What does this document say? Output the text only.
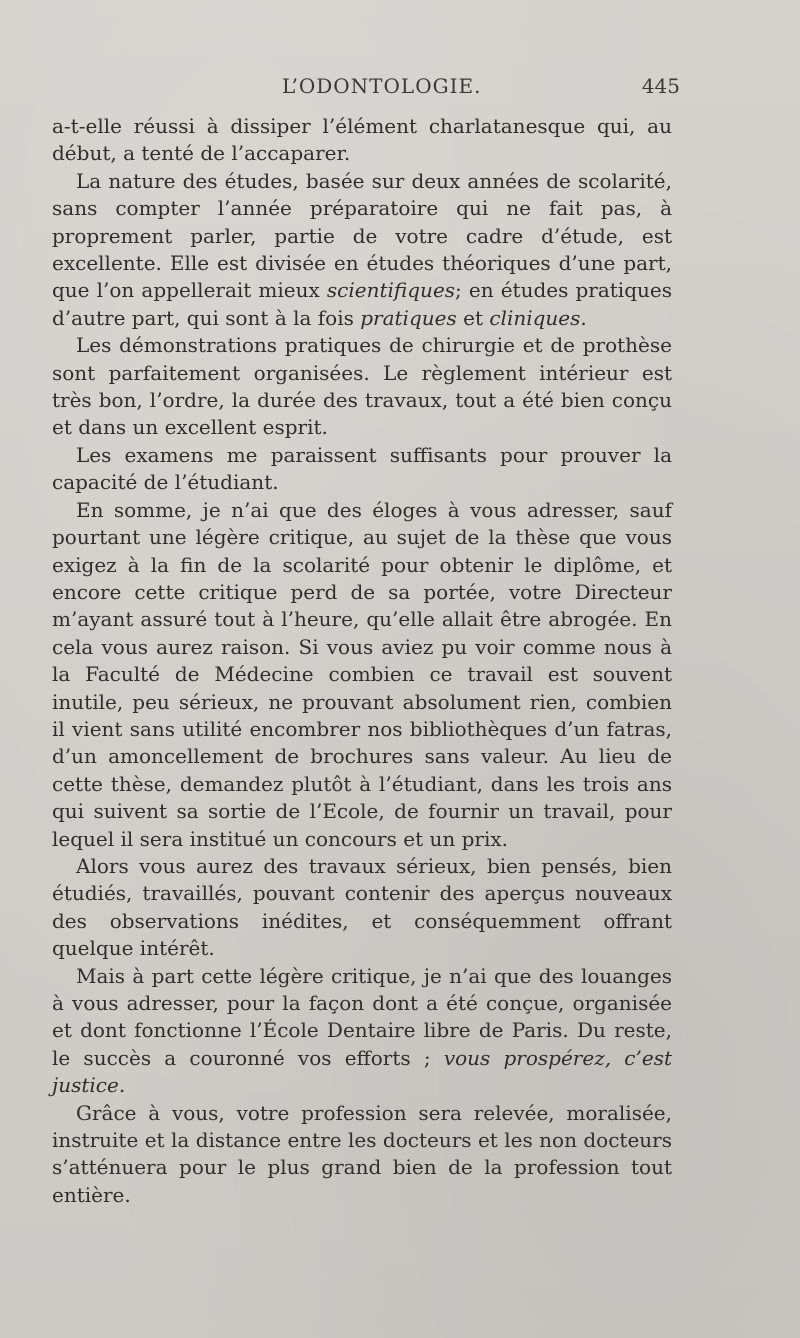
L’ODONTOLOGIE.	445

a-t-elle réussi à dissiper l’élément charlatanesque qui, au début, a tenté de l’accaparer.

La nature des études, basée sur deux années de scolarité, sans compter l’année préparatoire qui ne fait pas, à proprement parler, partie de votre cadre d’étude, est excellente. Elle est divisée en études théoriques d’une part, que l’on appellerait mieux scientifiques; en études pratiques d’autre part, qui sont à la fois pratiques et cliniques.

Les démonstrations pratiques de chirurgie et de prothèse sont parfaitement organisées. Le règlement intérieur est très bon, l’ordre, la durée des travaux, tout a été bien conçu et dans un excellent esprit.

Les examens me paraissent suffisants pour prouver la capacité de l’étudiant.

En somme, je n’ai que des éloges à vous adresser, sauf pourtant une légère critique, au sujet de la thèse que vous exigez à la fin de la scolarité pour obtenir le diplôme, et encore cette critique perd de sa portée, votre Directeur m’ayant assuré tout à l’heure, qu’elle allait être abrogée. En cela vous aurez raison. Si vous aviez pu voir comme nous à la Faculté de Médecine combien ce travail est souvent inutile, peu sérieux, ne prouvant absolument rien, combien il vient sans utilité encombrer nos bibliothèques d’un fatras, d’un amoncellement de brochures sans valeur. Au lieu de cette thèse, demandez plutôt à l’étudiant, dans les trois ans qui suivent sa sortie de l’Ecole, de fournir un travail, pour lequel il sera institué un concours et un prix.

Alors vous aurez des travaux sérieux, bien pensés, bien étudiés, travaillés, pouvant contenir des aperçus nouveaux des observations inédites, et conséquemment offrant quelque intérêt.

Mais à part cette légère critique, je n’ai que des louanges à vous adresser, pour la façon dont a été conçue, organisée et dont fonctionne l’École Dentaire libre de Paris. Du reste, le succès a couronné vos efforts ; vous prospérez, c’est justice.

Grâce à vous, votre profession sera relevée, moralisée, instruite et la distance entre les docteurs et les non docteurs s’atténuera pour le plus grand bien de la profession tout entière.
